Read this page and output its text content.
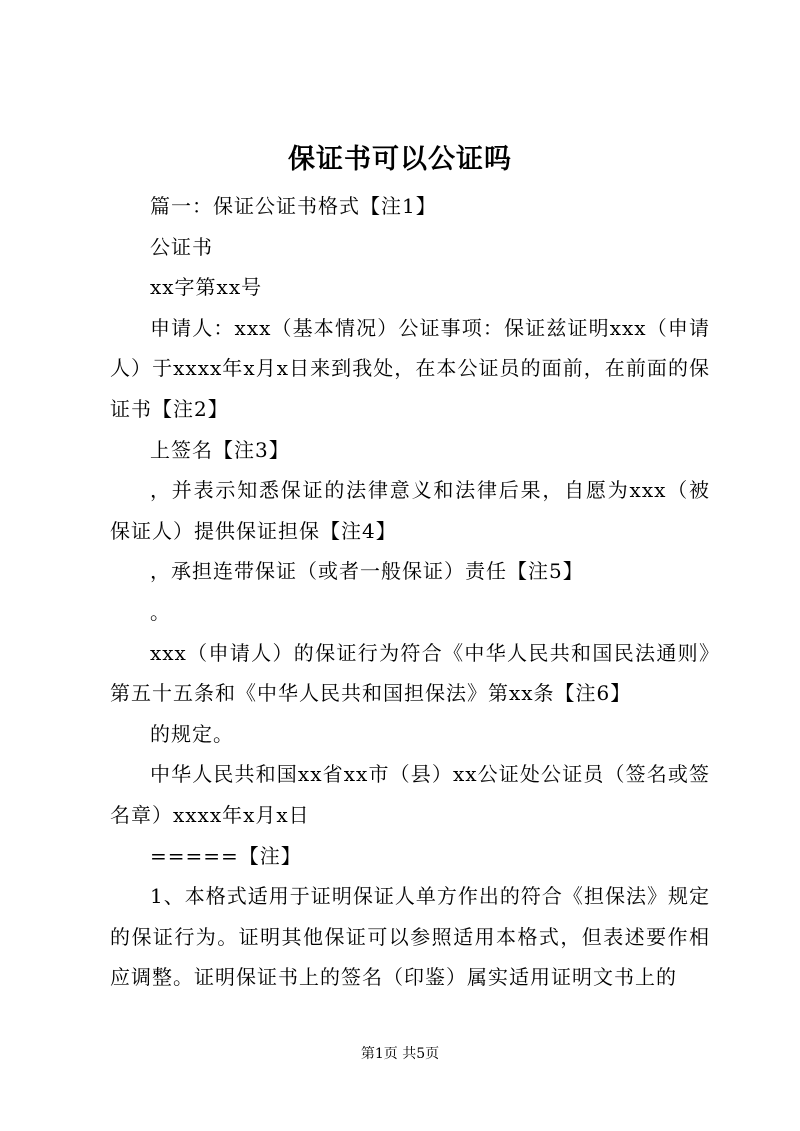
保证书可以公证吗

篇一：保证公证书格式【注1】

公证书

xx字第xx号

申请人：xxx（基本情况）公证事项：保证兹证明xxx（申请人）于xxxx年x月x日来到我处，在本公证员的面前，在前面的保证书【注2】

上签名【注3】

，并表示知悉保证的法律意义和法律后果，自愿为xxx（被保证人）提供保证担保【注4】

，承担连带保证（或者一般保证）责任【注5】

。

xxx（申请人）的保证行为符合《中华人民共和国民法通则》第五十五条和《中华人民共和国担保法》第xx条【注6】

的规定。

中华人民共和国xx省xx市（县）xx公证处公证员（签名或签名章）xxxx年x月x日

=====【注】

1、本格式适用于证明保证人单方作出的符合《担保法》规定的保证行为。证明其他保证可以参照适用本格式，但表述要作相应调整。证明保证书上的签名（印鉴）属实适用证明文书上的

第1页 共5页
